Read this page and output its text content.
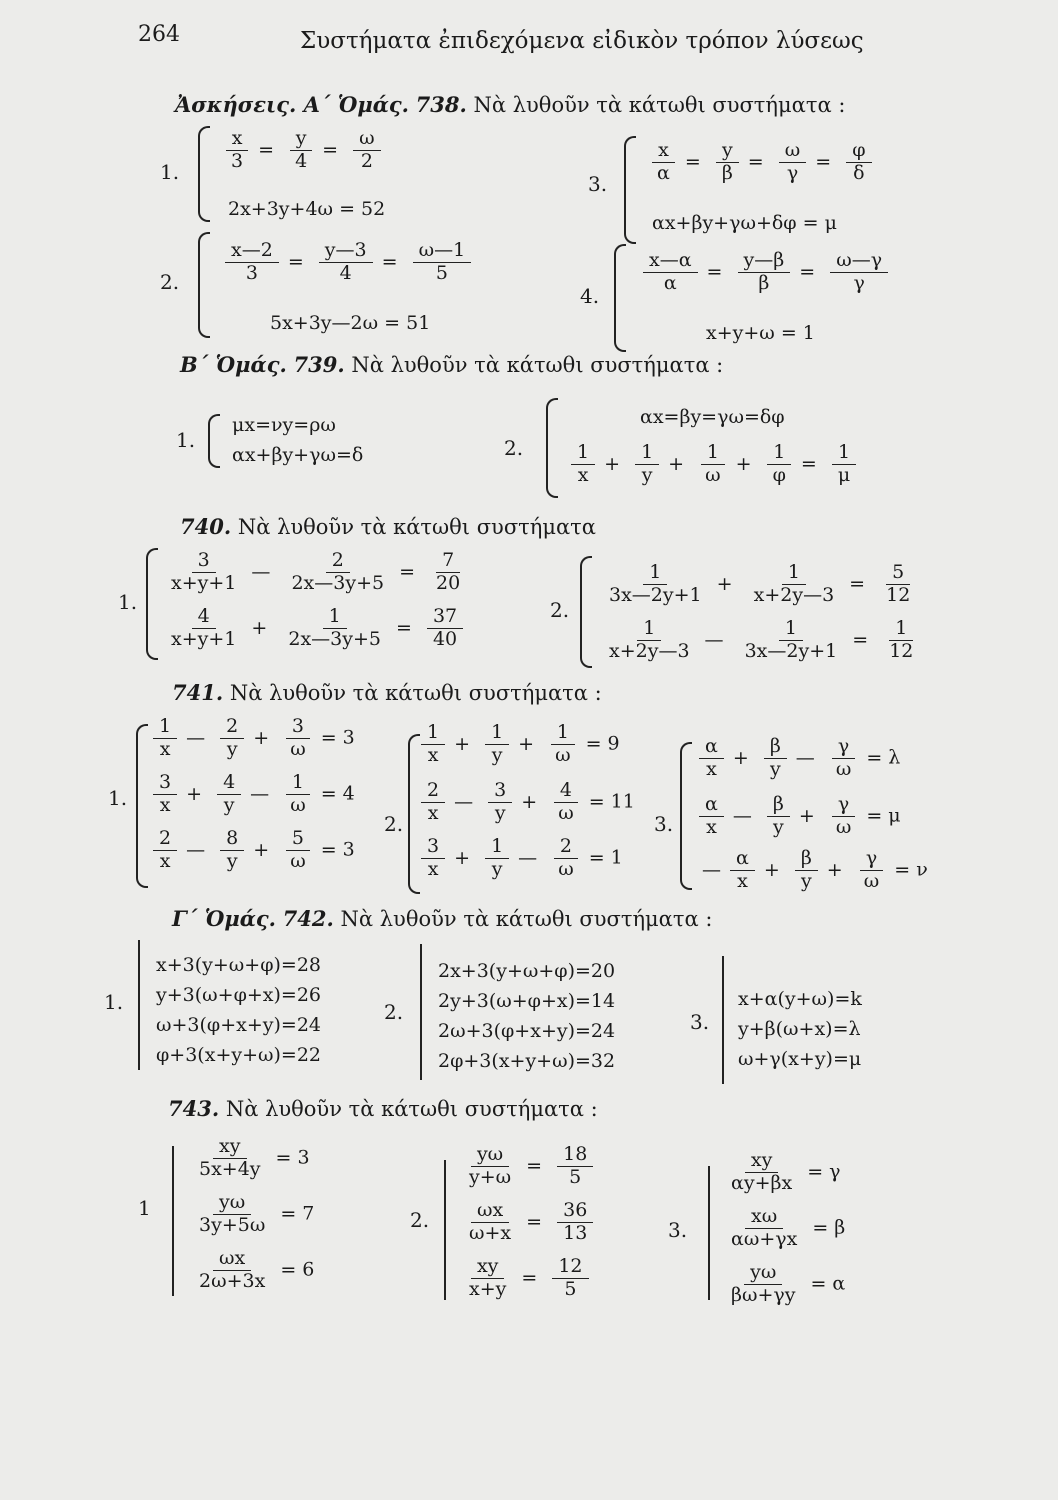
264	Συστήματα ἐπιδεχόμενα εἰδικὸν τρόπον λύσεως
Ἀσκήσεις. Α΄ Ὁμάς. 738. Νὰ λυθοῦν τὰ κάτωθι συστήματα :
1. $\frac{x}{3} = \frac{y}{4} = \frac{\omega}{2}$
2x+3y+4ω = 52
2. $\frac{x—2}{3} = \frac{y—3}{4} = \frac{\omega—1}{5}$
5x+3y—2ω = 51
3. $\frac{x}{\alpha} = \frac{y}{\beta} = \frac{\omega}{\gamma} = \frac{\varphi}{\delta}$
αx+βy+γω+δφ = μ
4.
$\frac{x—\alpha}{\alpha} = \frac{y—\beta}{\beta} = \frac{\omega—\gamma}{\gamma}$
x+y+ω = 1
Β΄ Ὁμάς. 739. Νὰ λυθοῦν τὰ κάτωθι συστήματα :
1.
μx=νy=ρω
αx+βy+γω=δ	2.
αx=βy=γω=δφ
$\frac{1}{x} + \frac{1}{y} + \frac{1}{\omega} + \frac{1}{\varphi} = \frac{1}{\mu}$
740. Νὰ λυθοῦν τὰ κάτωθι συστήματα
1.
$\frac{3}{x+y+1}$ — $\frac{2}{2x—3y+5} = \frac{7}{20}$
$\frac{4}{x+y+1} + \frac{1}{2x—3y+5} = \frac{37}{40}$	2.
$\frac{1}{3x—2y+1} + \frac{1}{x+2y—3} = \frac{5}{12}$
$\frac{1}{x+2y—3}$ — $\frac{1}{3x—2y+1} = \frac{1}{12}$
741. Νὰ λυθοῦν τὰ κάτωθι συστήματα :
1.
$\frac{1}{x}$ — $\frac{2}{y} + \frac{3}{\omega} = 3$
$\frac{3}{x} + \frac{4}{y}$ — $\frac{1}{\omega} = 4$
$\frac{2}{x}$ — $\frac{8}{y} + \frac{5}{\omega} = 3$
2.
$\frac{1}{x} + \frac{1}{y} + \frac{1}{\omega} = 9$
$\frac{2}{x}$ — $\frac{3}{y} + \frac{4}{\omega} = 11$
$\frac{3}{x} + \frac{1}{y}$ — $\frac{2}{\omega} = 1$
3.
$\frac{\alpha}{x} + \frac{\beta}{y}$ — $\frac{\gamma}{\omega} = \lambda$
$\frac{\alpha}{x}$ — $\frac{\beta}{y} + \frac{\gamma}{\omega} = \mu$
— $\frac{\alpha}{x} + \frac{\beta}{y} + \frac{\gamma}{\omega} = \nu$
Γ΄ Ὁμάς. 742. Νὰ λυθοῦν τὰ κάτωθι συστήματα :
1.
x+3(y+ω+φ)=28
y+3(ω+φ+x)=26
ω+3(φ+x+y)=24
φ+3(x+y+ω)=22
2.
2x+3(y+ω+φ)=20
2y+3(ω+φ+x)=14
2ω+3(φ+x+y)=24
2φ+3(x+y+ω)=32
3.
x+α(y+ω)=k
y+β(ω+x)=λ
ω+γ(x+y)=μ
743. Νὰ λυθοῦν τὰ κάτωθι συστήματα :
1
$\frac{xy}{5x+4y} = 3$
$\frac{y\omega}{3y+5\omega} = 7$
$\frac{\omega x}{2\omega+3x} = 6$
2.
$\frac{y\omega}{y+\omega} = \frac{18}{5}$
$\frac{\omega x}{\omega+x} = \frac{36}{13}$
$\frac{xy}{x+y} = \frac{12}{5}$
3.
$\frac{xy}{\alpha y+\beta x} = \gamma$
$\frac{x\omega}{\alpha\omega+\gamma x} = \beta$
$\frac{y\omega}{\beta\omega+\gamma y} = \alpha$
